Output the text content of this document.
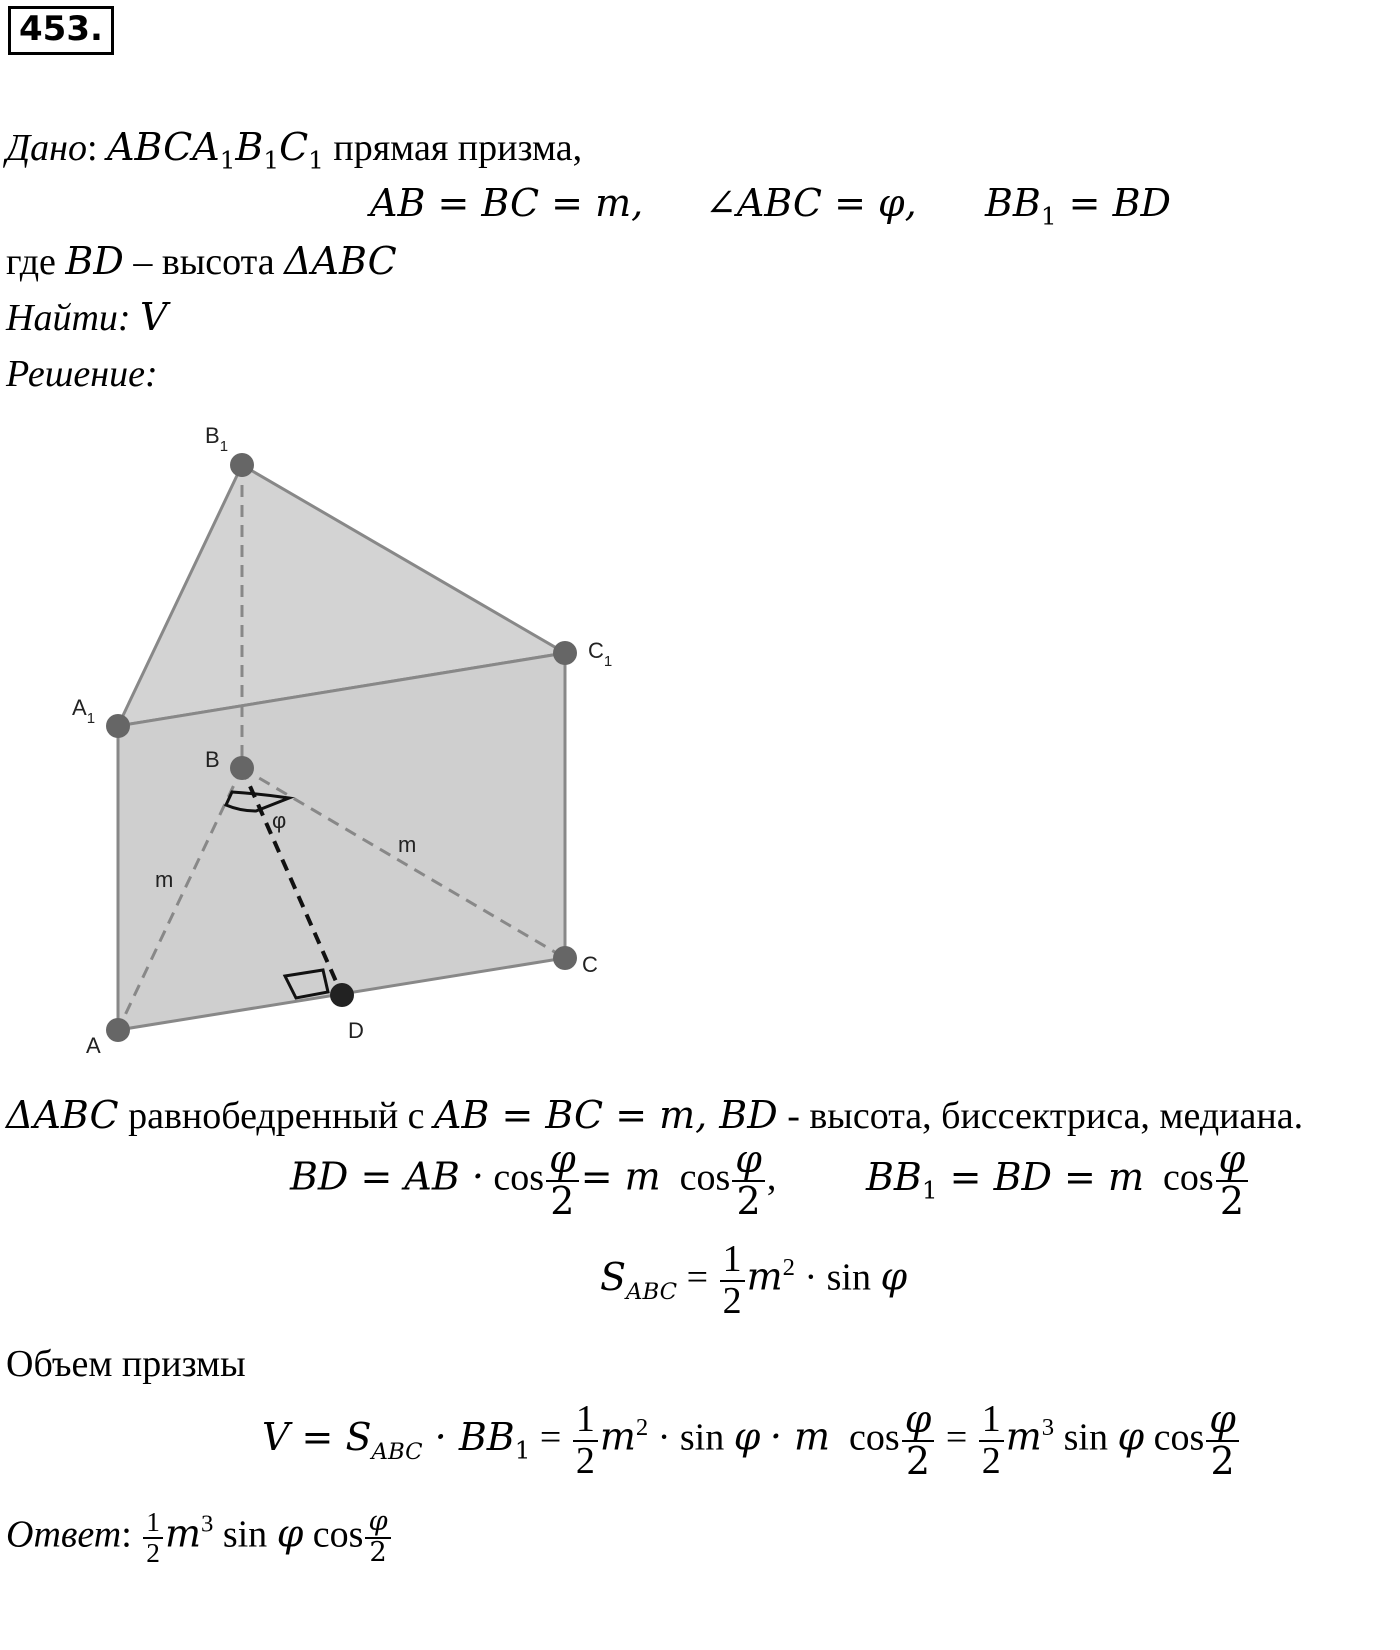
453.
Дано: $ABCA_1B_1C_1$ прямая призма,
AB = BC = m, ∠ABC = φ, $BB_1$ = BD
где BD – высота ΔABC
Найти: V
Решение:
$B_1$
$C_1$
$A_1$
B
C
A
D
m
m
φ
ΔABC равнобедренный с AB = BC = m, BD - высота, биссектриса, медиана.
BD = AB · $\cos \frac{\varphi}{2} = m$ $\cos \frac{\varphi}{2}$ , $BB_1$ = BD = m $\cos \frac{\varphi}{2}$
$S_{ABC} = \frac{1}{2} m^2 \cdot \sin \varphi$
Объем призмы
$V = S_{ABC} \cdot BB_1 = \frac{1}{2} m^2 \cdot \sin \varphi \cdot m$ $\cos \frac{\varphi}{2} = \frac{1}{2} m^3$ sin φ $\cos \frac{\varphi}{2}$
Ответ: $\frac{1}{2} m^3$ sin φ $\cos \frac{\varphi}{2}$
